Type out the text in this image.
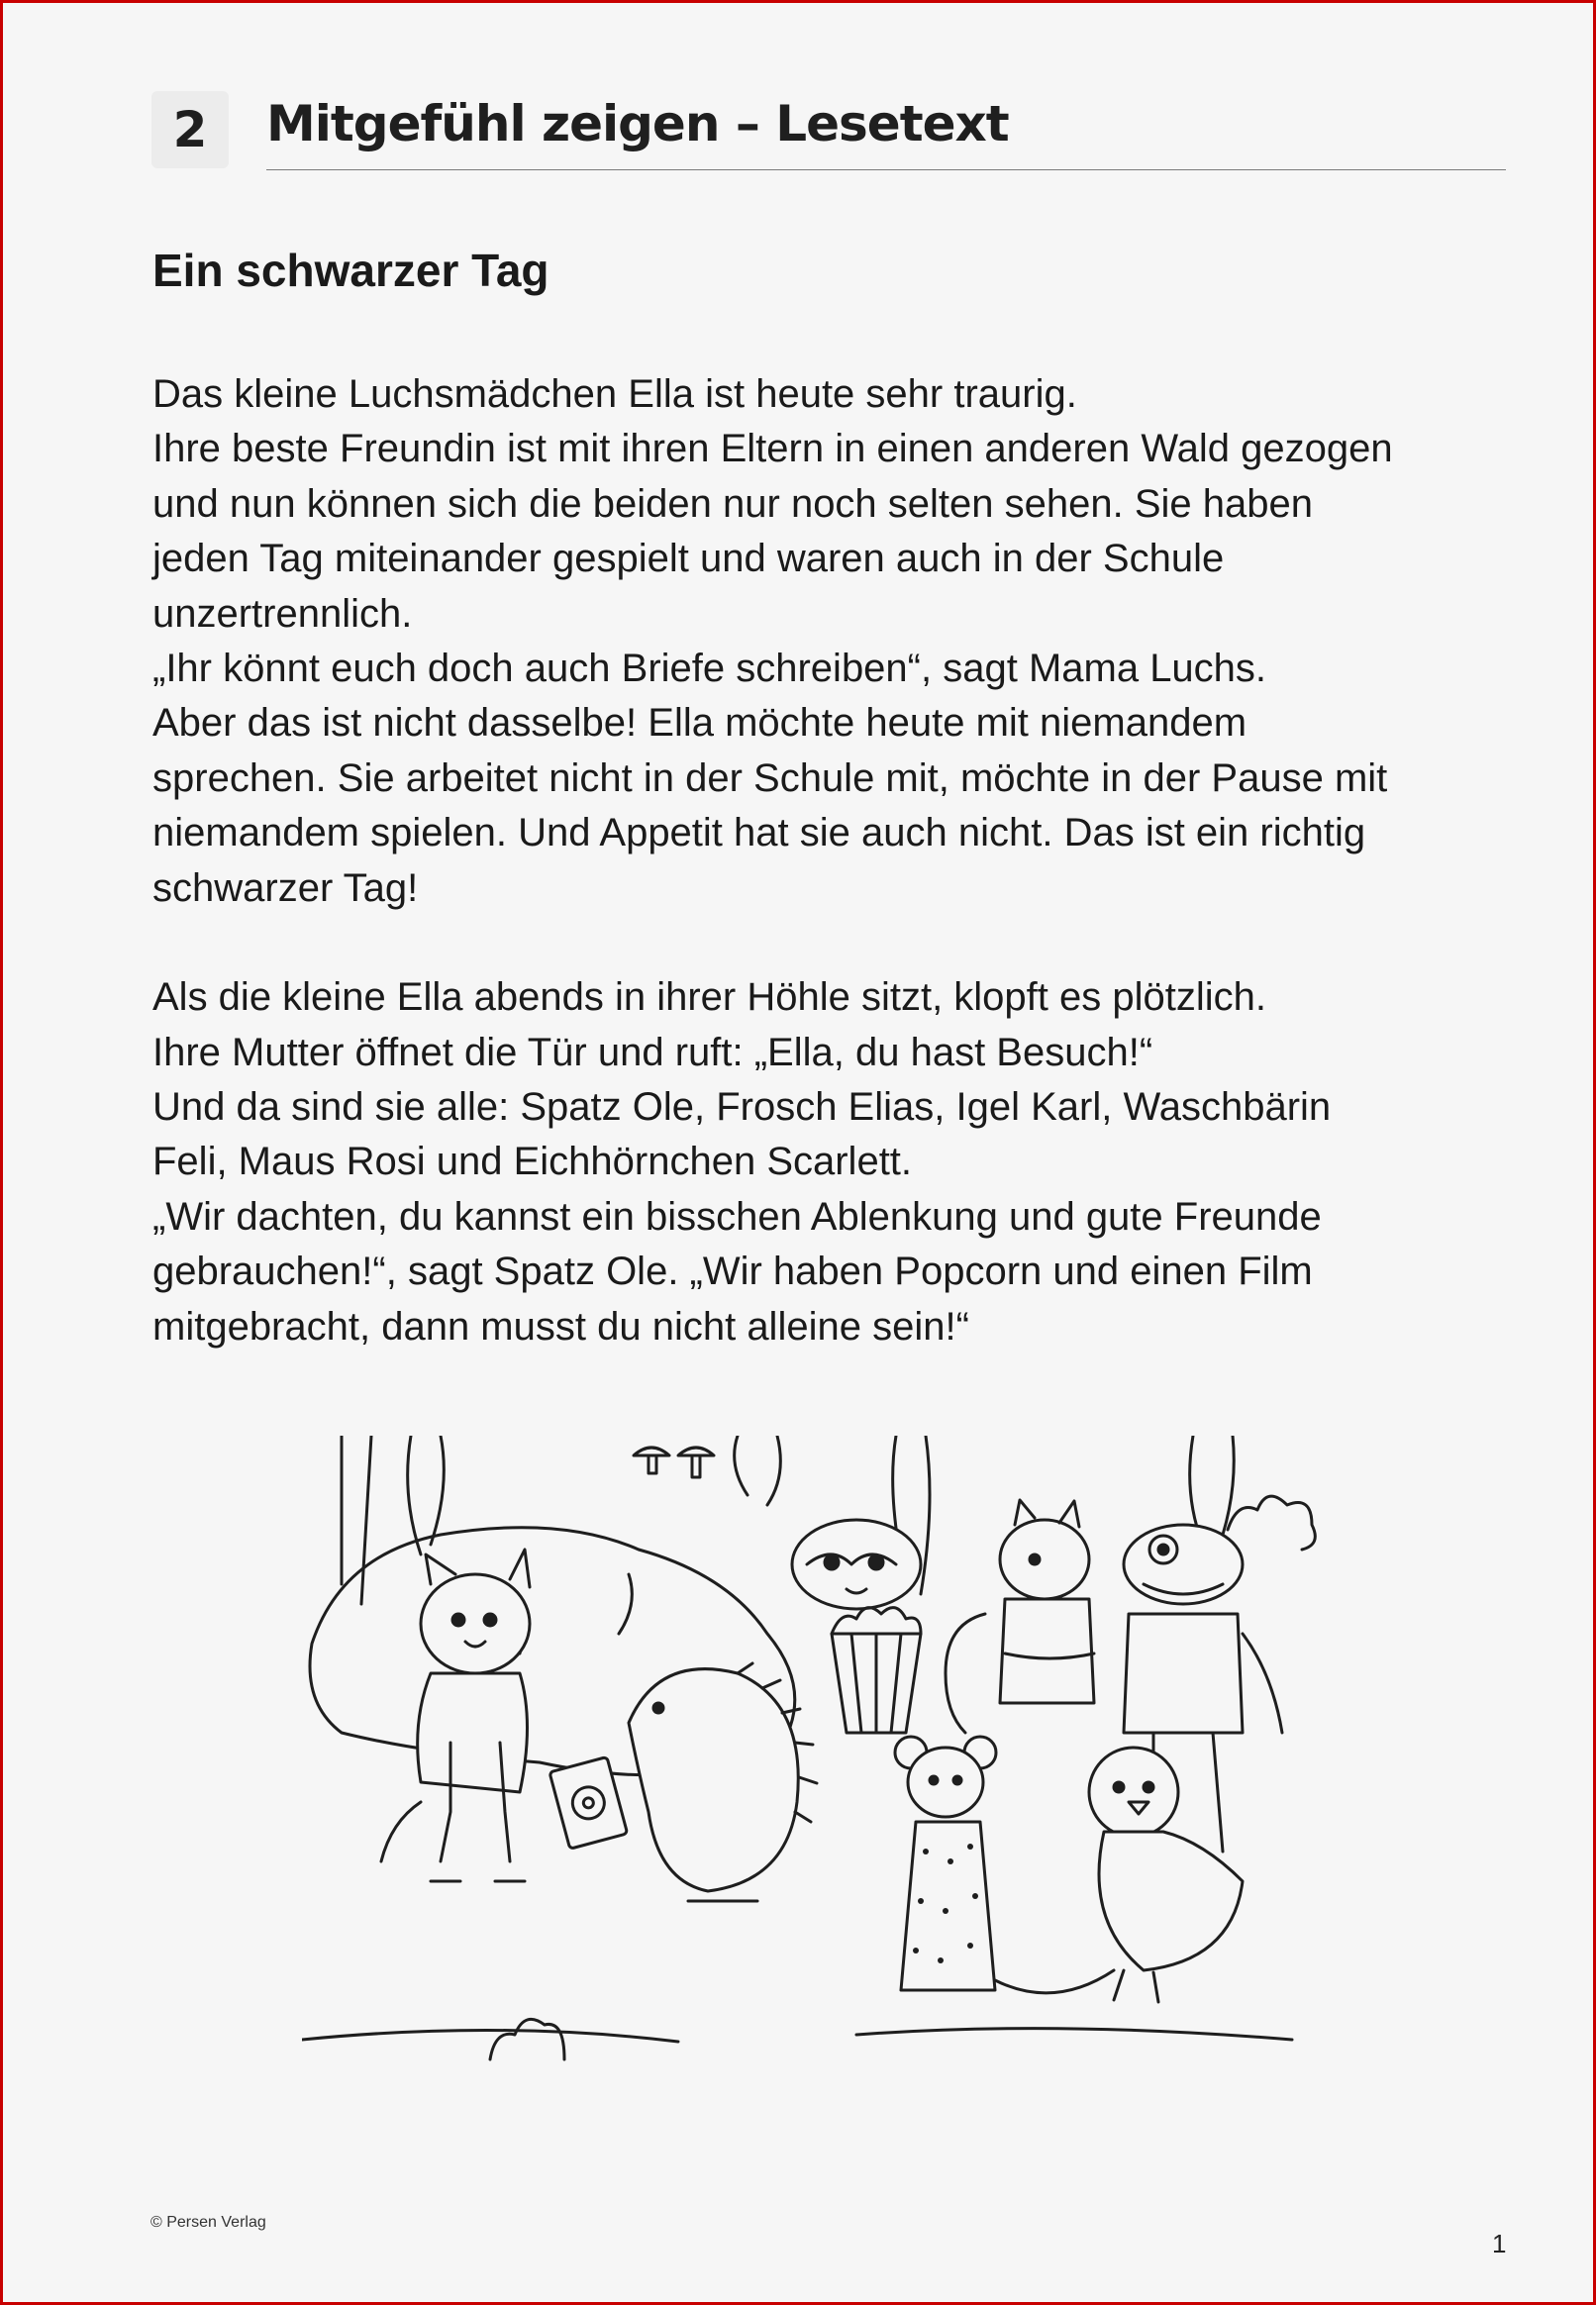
2	Mitgefühl zeigen – Lesetext
Ein schwarzer Tag
Das kleine Luchsmädchen Ella ist heute sehr traurig.
Ihre beste Freundin ist mit ihren Eltern in einen anderen Wald gezogen
und nun können sich die beiden nur noch selten sehen. Sie haben
jeden Tag miteinander gespielt und waren auch in der Schule
unzertrennlich.
„Ihr könnt euch doch auch Briefe schreiben“, sagt Mama Luchs.
Aber das ist nicht dasselbe! Ella möchte heute mit niemandem
sprechen. Sie arbeitet nicht in der Schule mit, möchte in der Pause mit
niemandem spielen. Und Appetit hat sie auch nicht. Das ist ein richtig
schwarzer Tag!
Als die kleine Ella abends in ihrer Höhle sitzt, klopft es plötzlich.
Ihre Mutter öffnet die Tür und ruft: „Ella, du hast Besuch!“
Und da sind sie alle: Spatz Ole, Frosch Elias, Igel Karl, Waschbärin
Feli, Maus Rosi und Eichhörnchen Scarlett.
„Wir dachten, du kannst ein bisschen Ablenkung und gute Freunde
gebrauchen!“, sagt Spatz Ole. „Wir haben Popcorn und einen Film
mitgebracht, dann musst du nicht alleine sein!“
© Persen Verlag
1
